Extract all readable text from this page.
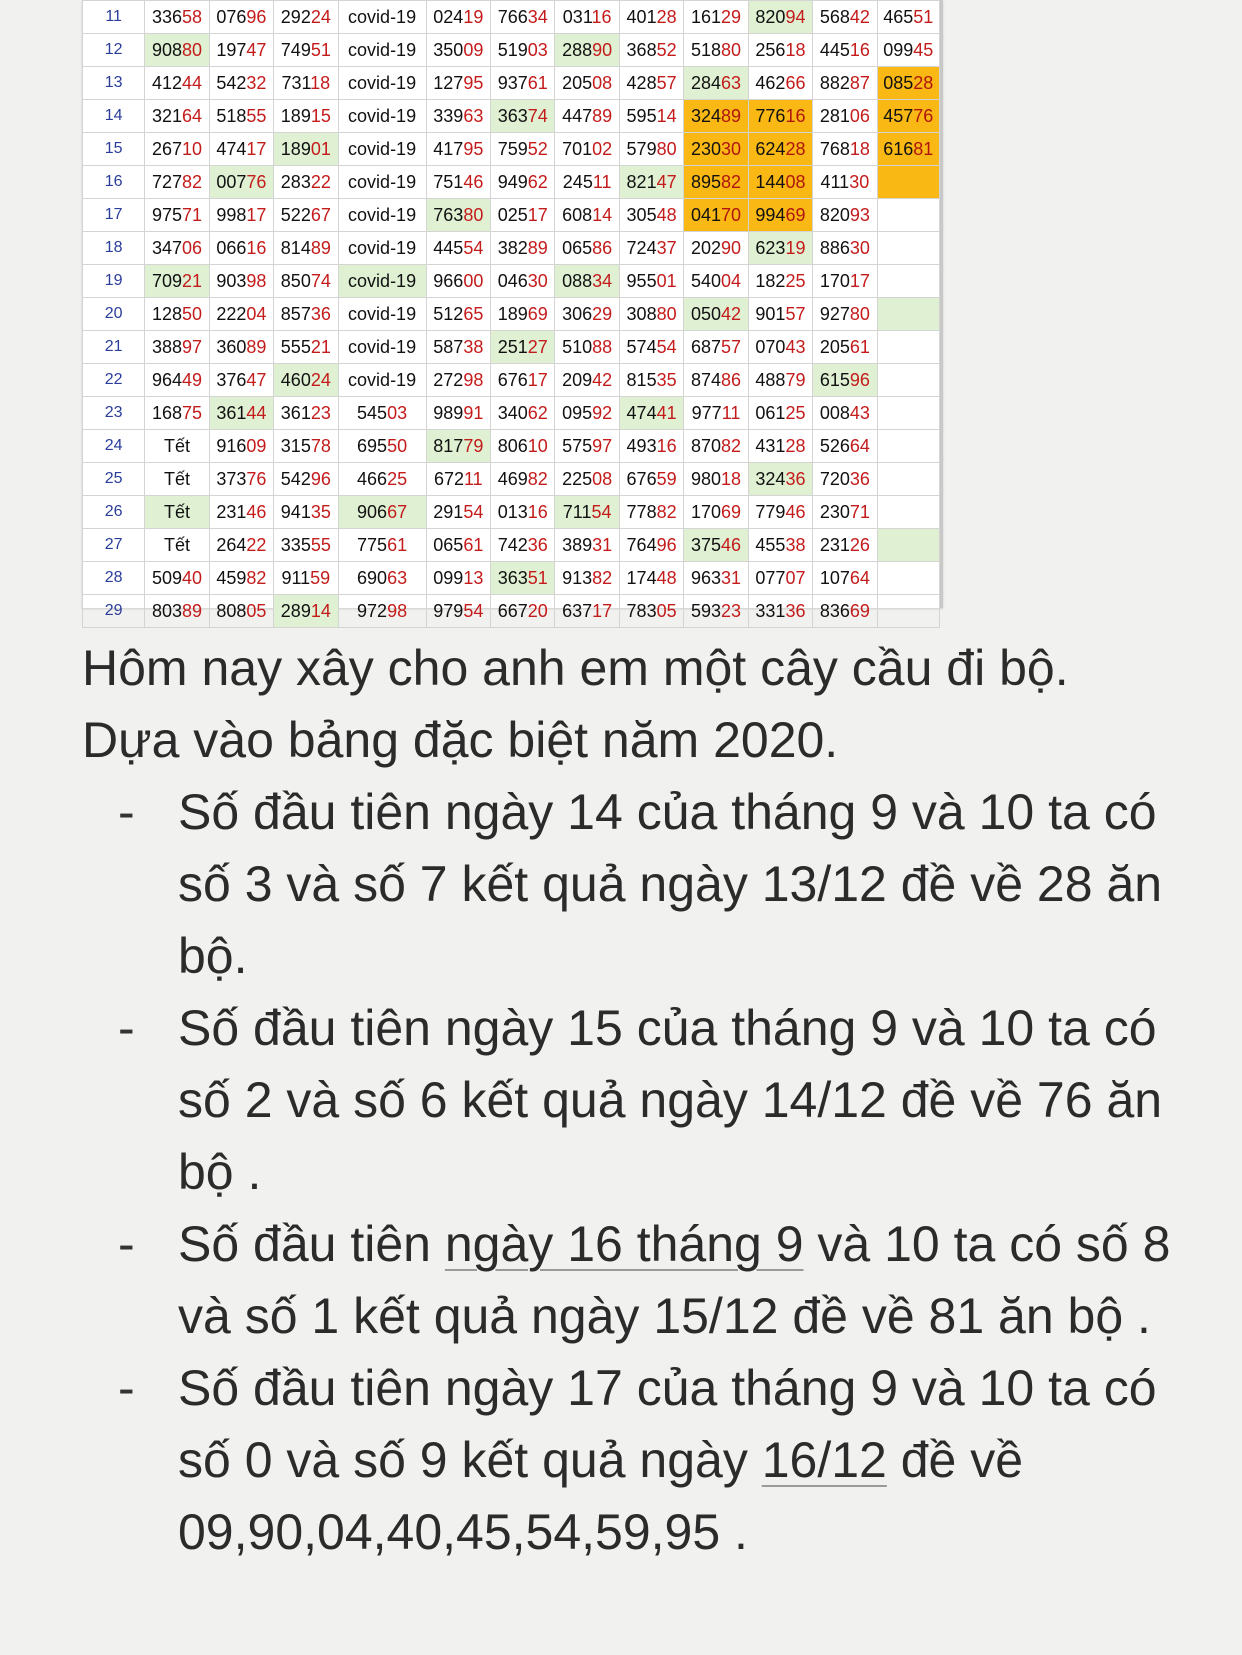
11	33658	07696	29224	covid-19	02419	76634	03116	40128	16129	82094	56842	46551
12	90880	19747	74951	covid-19	35009	51903	28890	36852	51880	25618	44516	09945
13	41244	54232	73118	covid-19	12795	93761	20508	42857	28463	46266	88287	08528
14	32164	51855	18915	covid-19	33963	36374	44789	59514	32489	77616	28106	45776
15	26710	47417	18901	covid-19	41795	75952	70102	57980	23030	62428	76818	61681
16	72782	00776	28322	covid-19	75146	94962	24511	82147	89582	14408	41130	
17	97571	99817	52267	covid-19	76380	02517	60814	30548	04170	99469	82093	
18	34706	06616	81489	covid-19	44554	38289	06586	72437	20290	62319	88630	
19	70921	90398	85074	covid-19	96600	04630	08834	95501	54004	18225	17017	
20	12850	22204	85736	covid-19	51265	18969	30629	30880	05042	90157	92780	
21	38897	36089	55521	covid-19	58738	25127	51088	57454	68757	07043	20561	
22	96449	37647	46024	covid-19	27298	67617	20942	81535	87486	48879	61596	
23	16875	36144	36123	54503	98991	34062	09592	47441	97711	06125	00843	
24	Tết	91609	31578	69550	81779	80610	57597	49316	87082	43128	52664	
25	Tết	37376	54296	46625	67211	46982	22508	67659	98018	32436	72036	
26	Tết	23146	94135	90667	29154	01316	71154	77882	17069	77946	23071	
27	Tết	26422	33555	77561	06561	74236	38931	76496	37546	45538	23126	
28	50940	45982	91159	69063	09913	36351	91382	17448	96331	07707	10764	
29	80389	80805	28914	97298	97954	66720	63717	78305	59323	33136	83669	

Hôm nay xây cho anh em một cây cầu đi bộ.

Dựa vào bảng đặc biệt năm 2020.

- Số đầu tiên ngày 14 của tháng 9 và 10 ta có số 3 và số 7 kết quả ngày 13/12 đề về 28 ăn bộ.
- Số đầu tiên ngày 15 của tháng 9 và 10 ta có số 2 và số 6 kết quả ngày 14/12 đề về 76 ăn bộ .
- Số đầu tiên ngày 16 tháng 9 và 10 ta có số 8 và số 1 kết quả ngày 15/12 đề về 81 ăn bộ .
- Số đầu tiên ngày 17 của tháng 9 và 10 ta có số 0 và số 9 kết quả ngày 16/12 đề về 09,90,04,40,45,54,59,95 .
